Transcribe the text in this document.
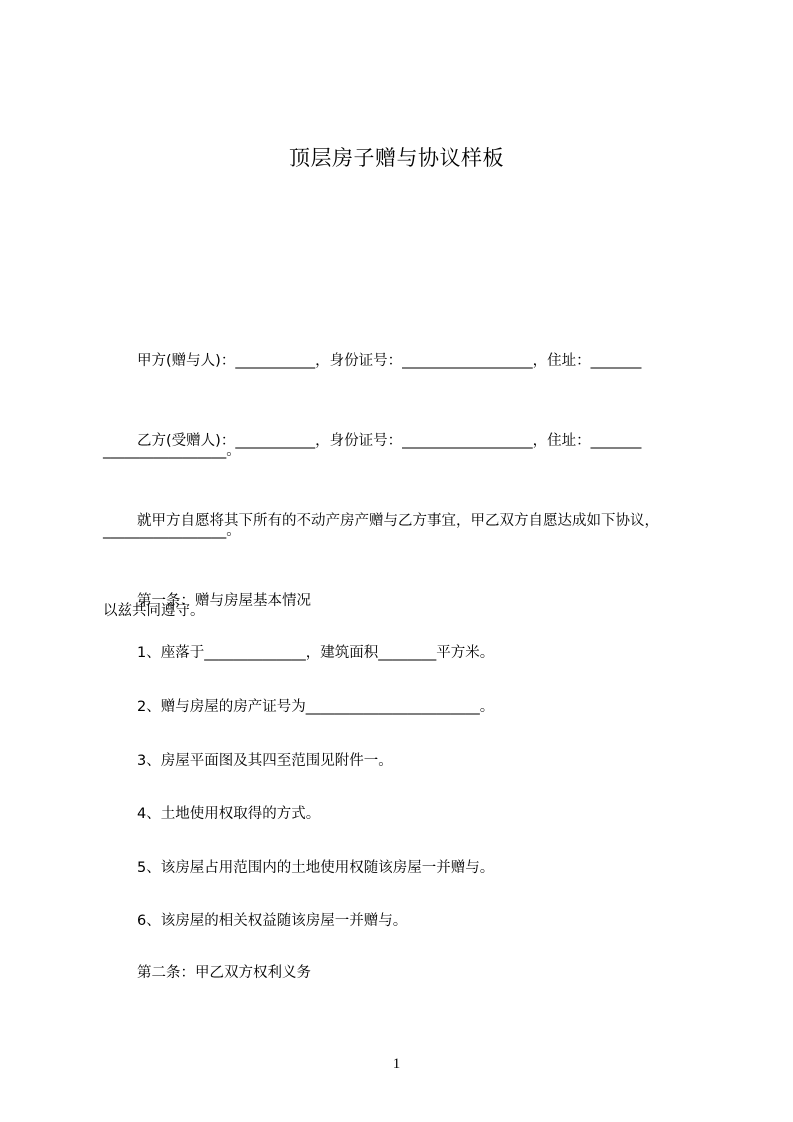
顶层房子赠与协议样板

甲方(赠与人)：___________，身份证号：__________________，住址：_______

_________________。

乙方(受赠人)：___________，身份证号：__________________，住址：_______

_________________。

就甲方自愿将其下所有的不动产房产赠与乙方事宜，甲乙双方自愿达成如下协议，

以兹共同遵守。

第一条：赠与房屋基本情况

1、座落于______________，建筑面积________平方米。

2、赠与房屋的房产证号为________________________。

3、房屋平面图及其四至范围见附件一。

4、土地使用权取得的方式。

5、该房屋占用范围内的土地使用权随该房屋一并赠与。

6、该房屋的相关权益随该房屋一并赠与。

第二条：甲乙双方权利义务

1
